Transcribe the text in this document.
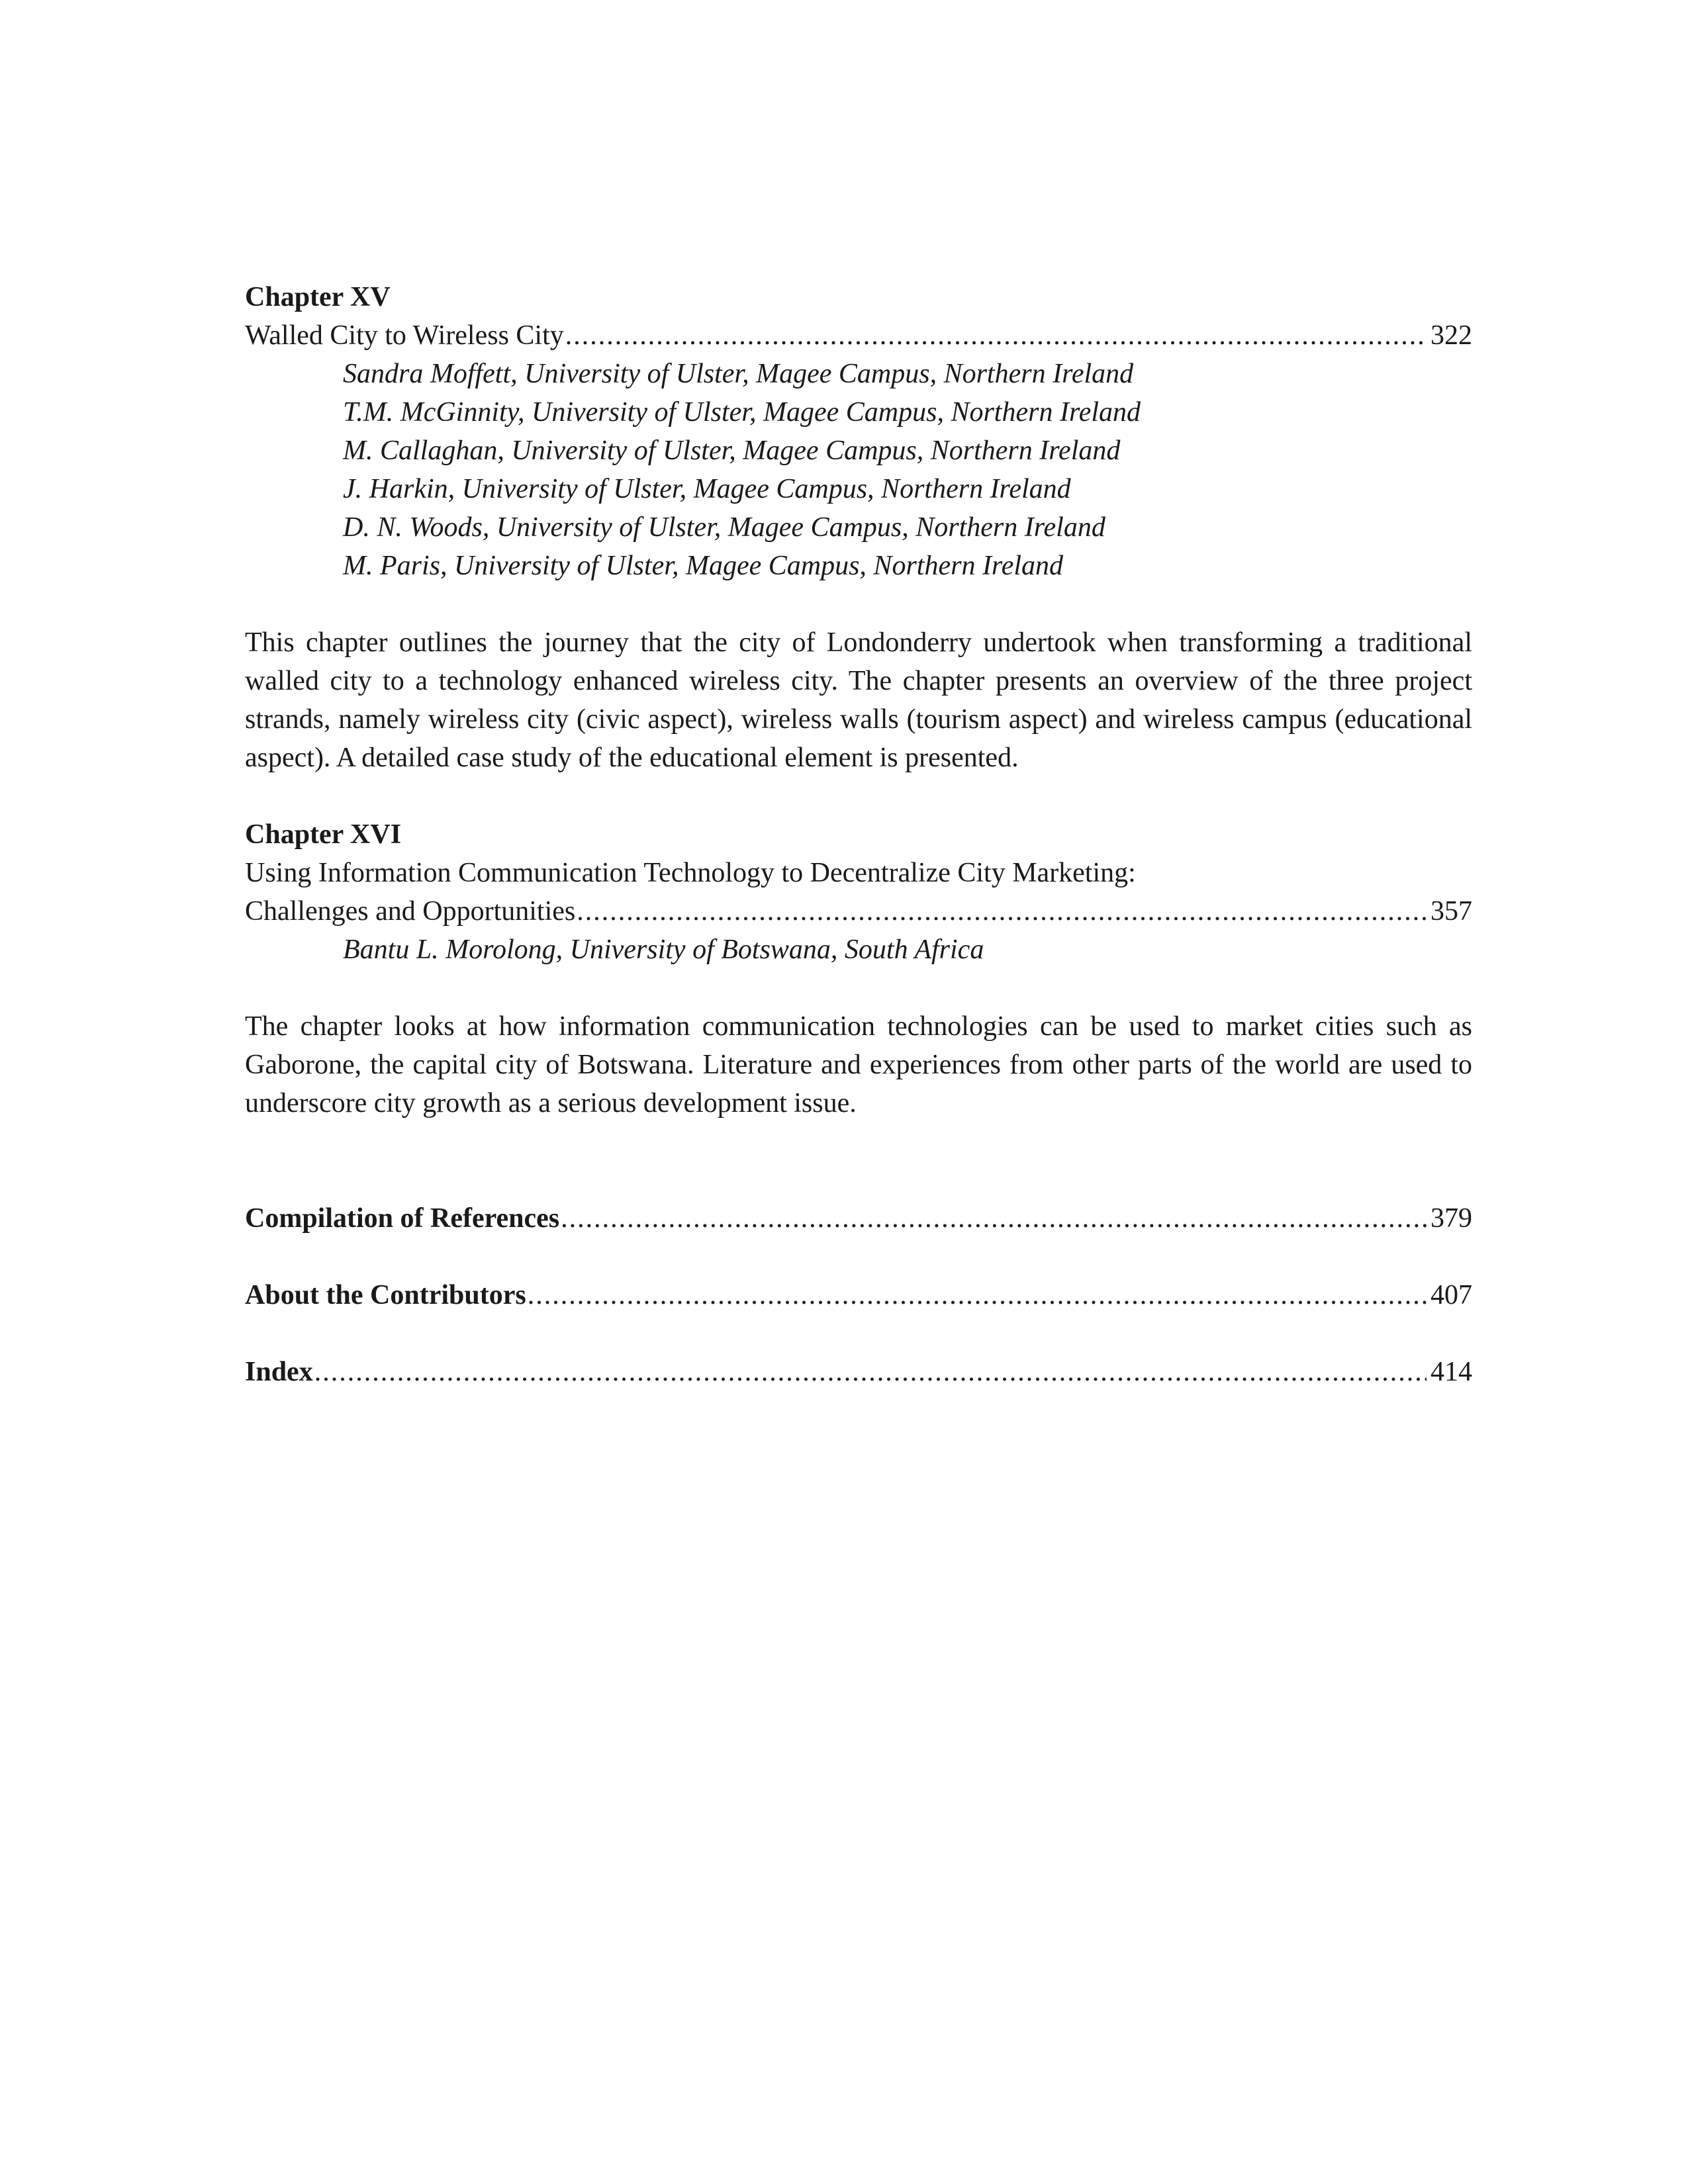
Chapter XV
Walled City to Wireless City .....	322
Sandra Moffett, University of Ulster, Magee Campus, Northern Ireland
T.M. McGinnity, University of Ulster, Magee Campus, Northern Ireland
M. Callaghan, University of Ulster, Magee Campus, Northern Ireland
J. Harkin, University of Ulster, Magee Campus, Northern Ireland
D. N. Woods, University of Ulster, Magee Campus, Northern Ireland
M. Paris, University of Ulster, Magee Campus, Northern Ireland
This chapter outlines the journey that the city of Londonderry undertook when transforming a traditional walled city to a technology enhanced wireless city. The chapter presents an overview of the three project strands, namely wireless city (civic aspect), wireless walls (tourism aspect) and wireless campus (educational aspect). A detailed case study of the educational element is presented.
Chapter XVI
Using Information Communication Technology to Decentralize City Marketing:
Challenges and Opportunities .....	357
Bantu L. Morolong, University of Botswana, South Africa
The chapter looks at how information communication technologies can be used to market cities such as Gaborone, the capital city of Botswana. Literature and experiences from other parts of the world are used to underscore city growth as a serious development issue.
Compilation of References .....	379
About the Contributors .....	407
Index .....	414
